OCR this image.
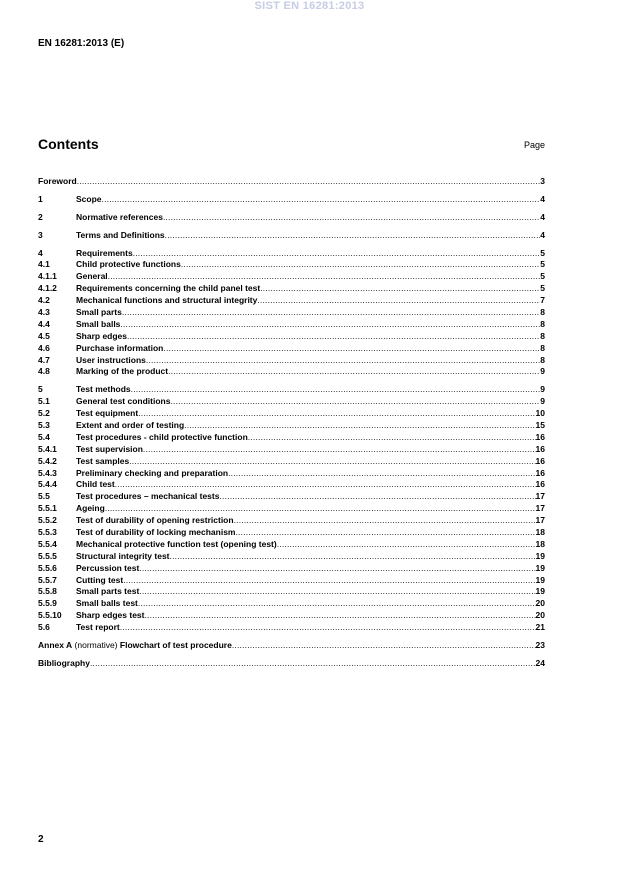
SIST EN 16281:2013
EN 16281:2013 (E)
Contents	Page
Foreword .....	3
1	Scope .....	4
2	Normative references .....	4
3	Terms and Definitions .....	4
4	Requirements .....	5
4.1	Child protective functions .....	5
4.1.1	General .....	5
4.1.2	Requirements concerning the child panel test .....	5
4.2	Mechanical functions and structural integrity .....	7
4.3	Small parts .....	8
4.4	Small balls .....	8
4.5	Sharp edges .....	8
4.6	Purchase information .....	8
4.7	User instructions .....	8
4.8	Marking of the product .....	9
5	Test methods .....	9
5.1	General test conditions .....	9
5.2	Test equipment .....	10
5.3	Extent and order of testing .....	15
5.4	Test procedures - child protective function .....	16
5.4.1	Test supervision .....	16
5.4.2	Test samples .....	16
5.4.3	Preliminary checking and preparation .....	16
5.4.4	Child test .....	16
5.5	Test procedures – mechanical tests .....	17
5.5.1	Ageing .....	17
5.5.2	Test of durability of opening restriction .....	17
5.5.3	Test of durability of locking mechanism .....	18
5.5.4	Mechanical protective function test (opening test) .....	18
5.5.5	Structural integrity test .....	19
5.5.6	Percussion test .....	19
5.5.7	Cutting test .....	19
5.5.8	Small parts test .....	19
5.5.9	Small balls test .....	20
5.5.10	Sharp edges test .....	20
5.6	Test report .....	21
Annex A (normative) Flowchart of test procedure .....	23
Bibliography .....	24
2
